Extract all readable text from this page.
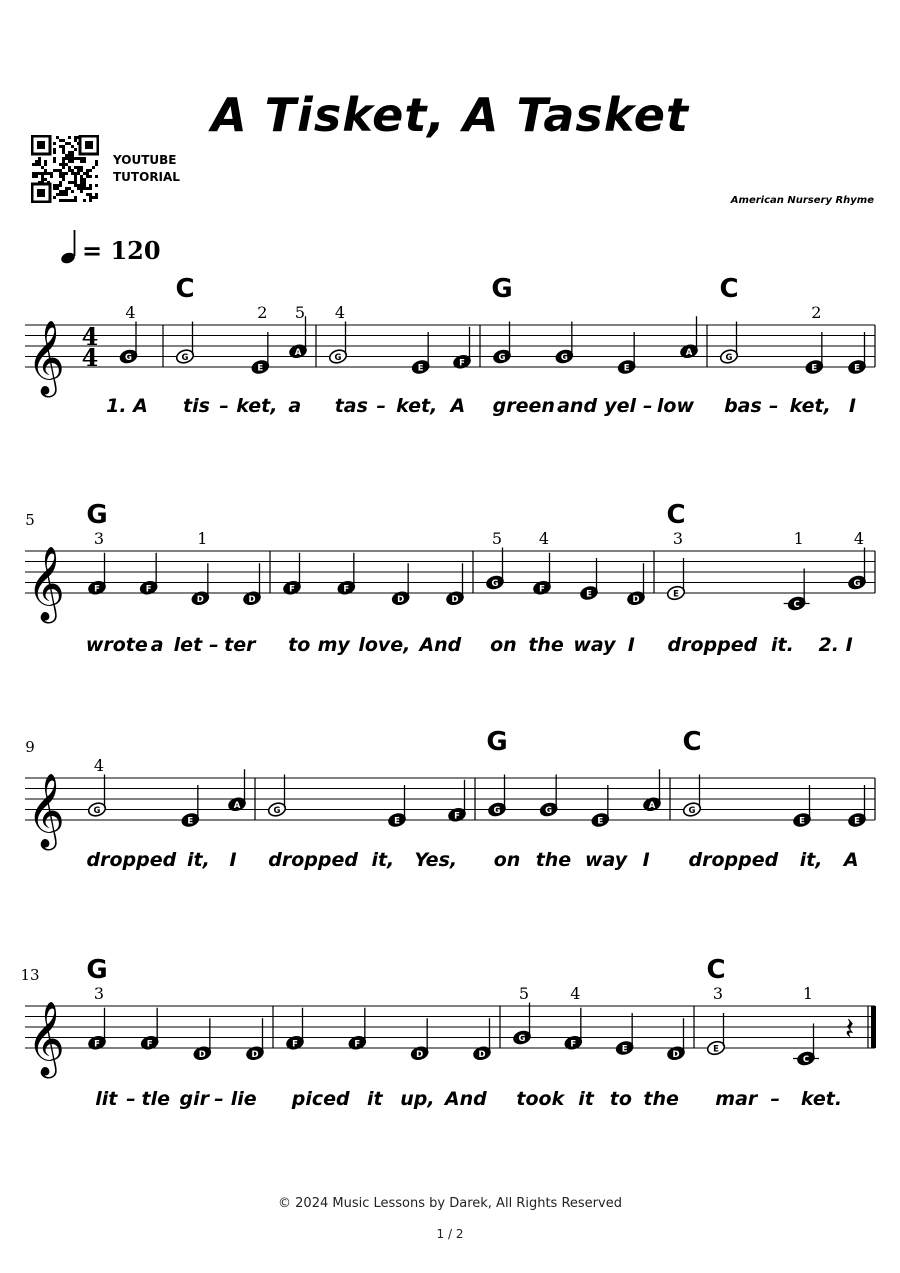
A Tisket, A Tasket
YOUTUBE
TUTORIAL
American Nursery Rhyme
= 120
𝄞 4
4	G
4
1. A
C
G
E
2
A
5
tis – ket, a
G
4
E
F
tas – ket, A
G
G	G
E
A
green and yel – low
C
G
E
2
E
bas – ket, I
𝄞
5 G
F
3
F
D
1
D
wrote a let – ter
F	F
D	D
to my love, And
G
5
F
4
E
D
on the way I
C
E
3
C
1
G
4
dropped it. 2. I
𝄞
9
G
4
E
A
dropped it, I
G
E
F
dropped it, Yes,
G
G	G
E
A
on the way I
C
G
E	E
dropped it, A
𝄞
13 G
F
3
F
D	D
lit – tle gir – lie
F	F
D	D
piced it up, And
G
5
F
4
E
D
took it to the
C
E
3
C
1
𝄽
mar – ket.
© 2024 Music Lessons by Darek, All Rights Reserved
1 / 2
